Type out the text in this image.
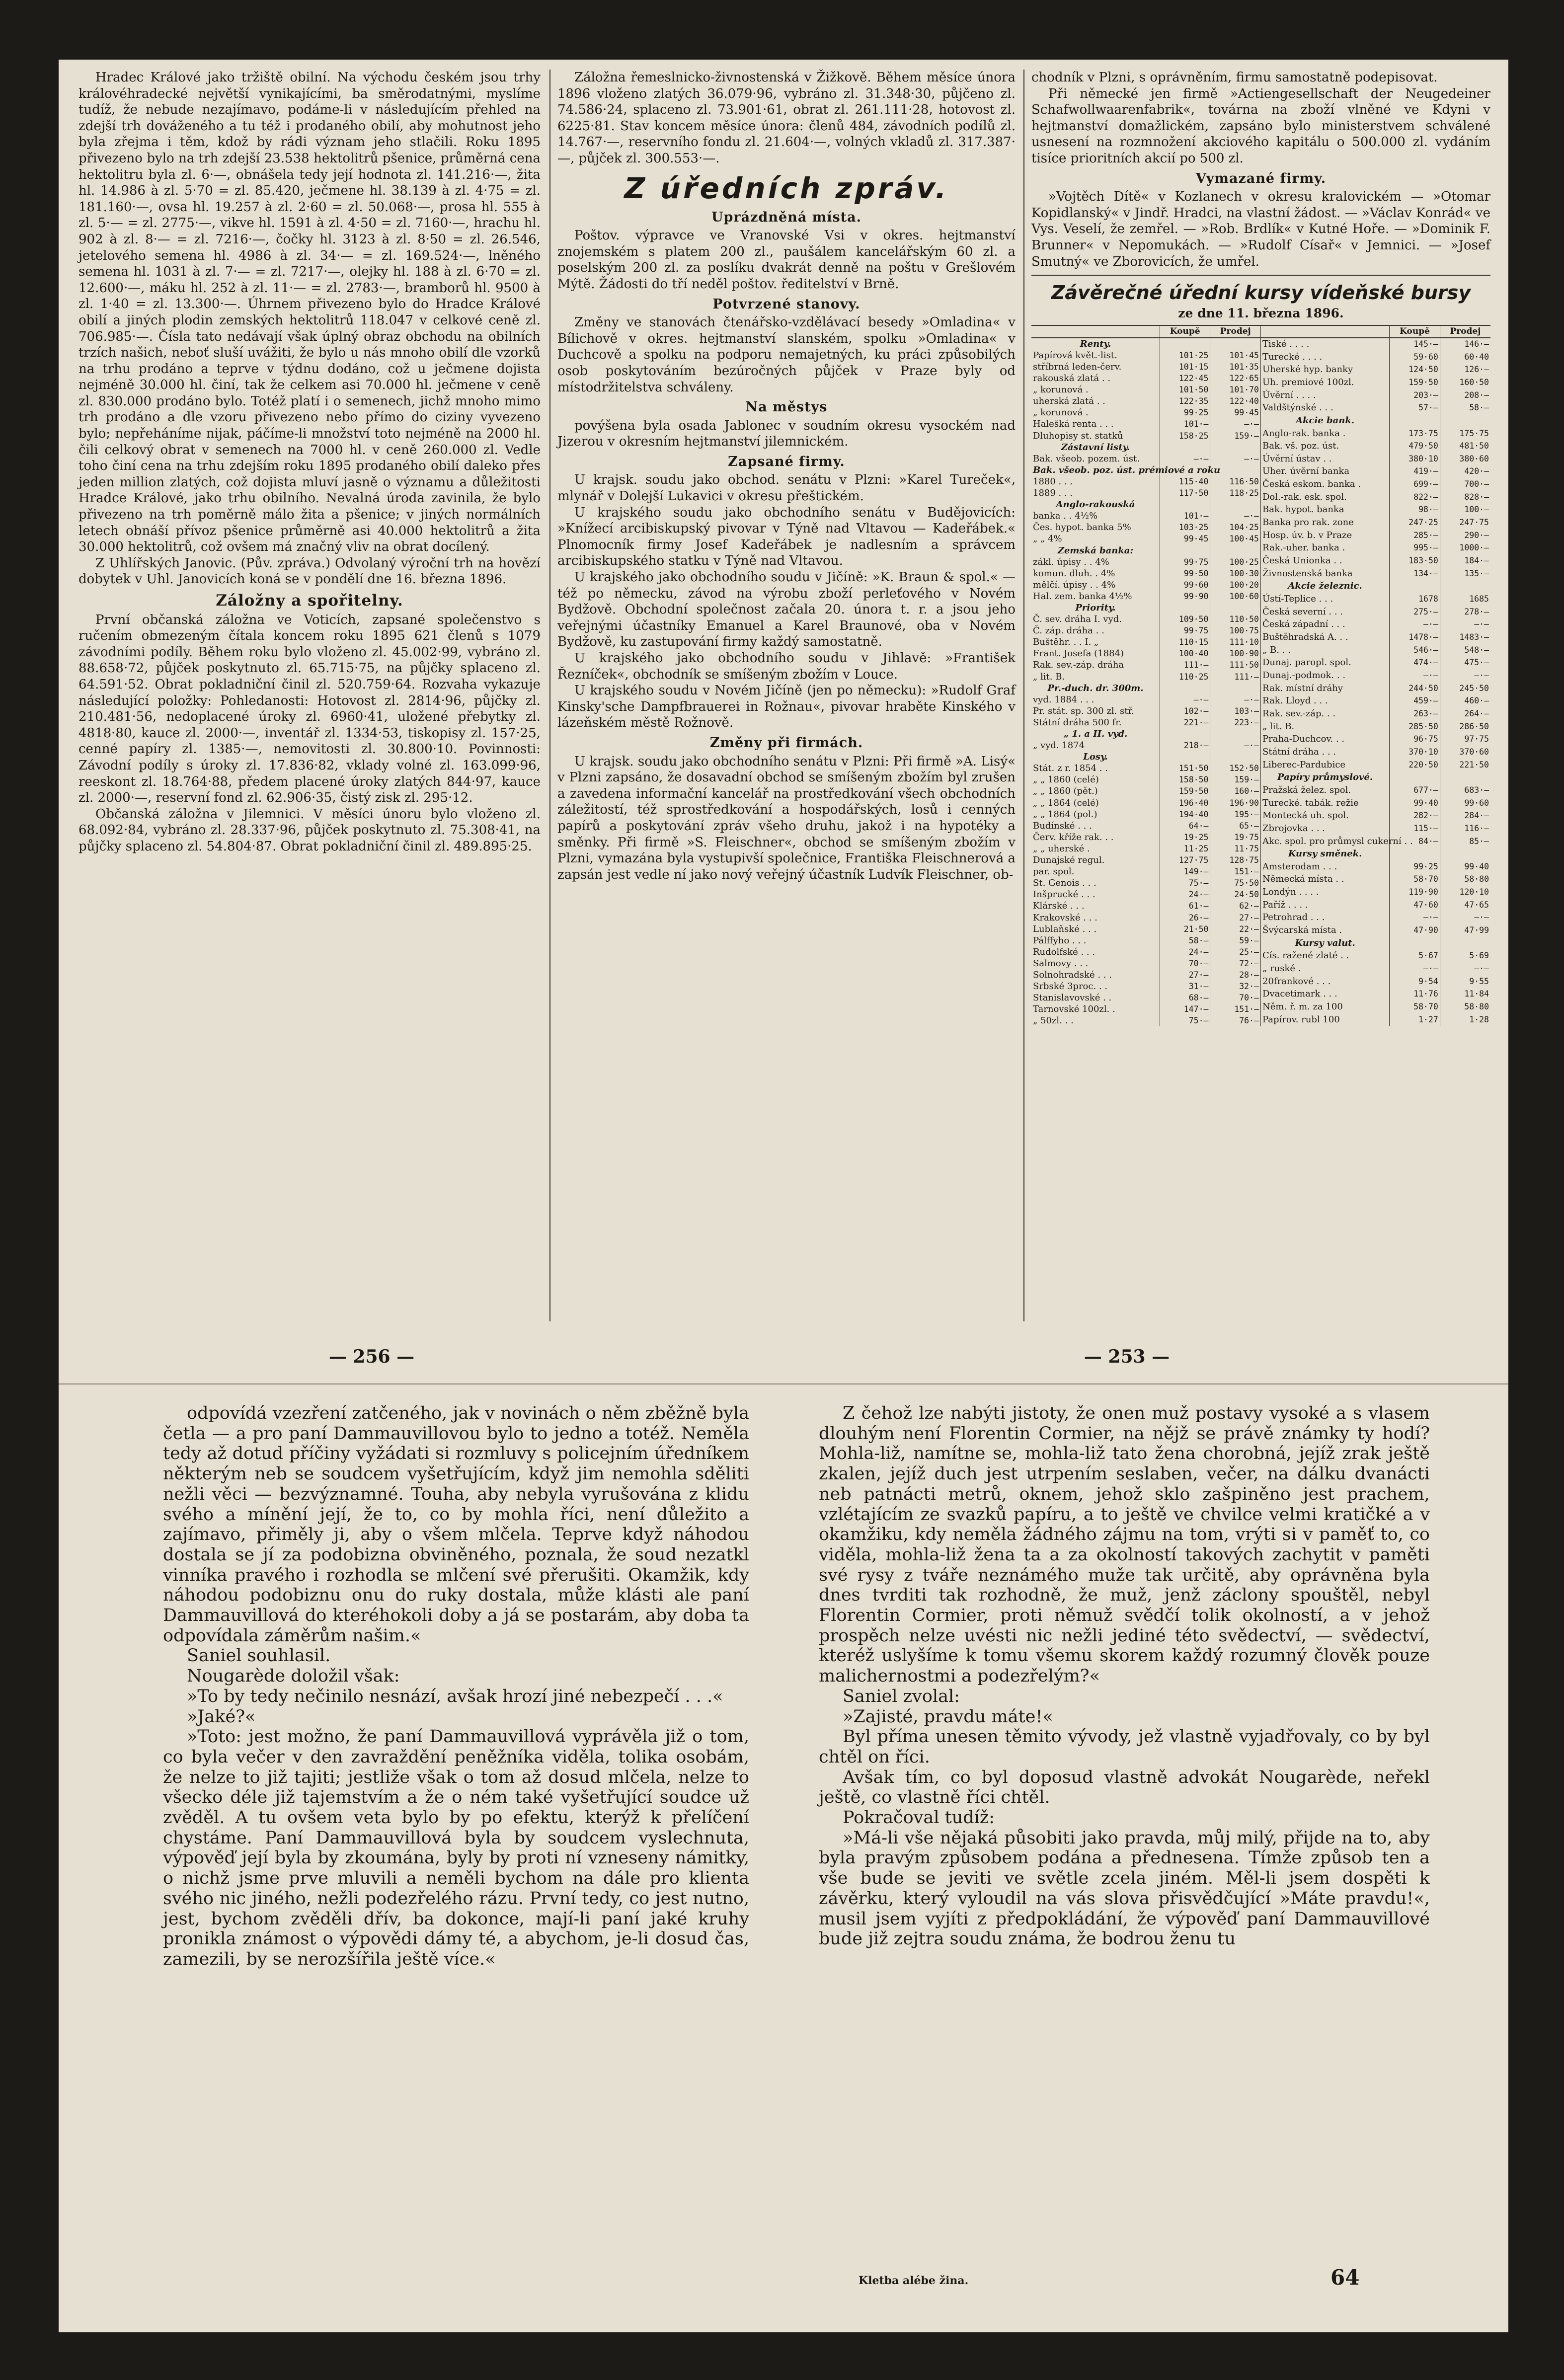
Hradec Králové jako tržiště obilní. Na východu českém jsou trhy královéhradecké největší vynikajícími, ba směrodatnými, myslíme tudíž, že nebude nezajímavo, podáme-li v následujícím přehled na zdejší trh dováženého a tu též i prodaného obilí, aby mohutnost jeho byla zřejma i těm, kdož by rádi význam jeho stlačili. Roku 1895 přivezeno bylo na trh zdejší 23.538 hektolitrů pšenice, průměrná cena hektolitru byla zl. 6·—, obnášela tedy její hodnota zl. 141.216·—, žita hl. 14.986 à zl. 5·70 = zl. 85.420, ječmene hl. 38.139 à zl. 4·75 = zl. 181.160·—, ovsa hl. 19.257 à zl. 2·60 = zl. 50.068·—, prosa hl. 555 à zl. 5·— = zl. 2775·—, vikve hl. 1591 à zl. 4·50 = zl. 7160·—, hrachu hl. 902 à zl. 8·— = zl. 7216·—, čočky hl. 3123 à zl. 8·50 = zl. 26.546, jetelového semena hl. 4986 à zl. 34·— = zl. 169.524·—, lněného semena hl. 1031 à zl. 7·— = zl. 7217·—, olejky hl. 188 à zl. 6·70 = zl. 12.600·—, máku hl. 252 à zl. 11·— = zl. 2783·—, bramborů hl. 9500 à zl. 1·40 = zl. 13.300·—. Úhrnem přivezeno bylo do Hradce Králové obilí a jiných plodin zemských hektolitrů 118.047 v celkové ceně zl. 706.985·—. Čísla tato nedávají však úplný obraz obchodu na obilních trzích našich, neboť sluší uvážiti, že bylo u nás mnoho obilí dle vzorků na trhu prodáno a teprve v týdnu dodáno, což u ječmene dojista nejméně 30.000 hl. činí, tak že celkem asi 70.000 hl. ječmene v ceně zl. 830.000 prodáno bylo. Totéž platí i o semenech, jichž mnoho mimo trh prodáno a dle vzoru přivezeno nebo přímo do ciziny vyvezeno bylo; nepřeháníme nijak, páčíme-li množství toto nejméně na 2000 hl. čili celkový obrat v semenech na 7000 hl. v ceně 260.000 zl. Vedle toho činí cena na trhu zdejším roku 1895 prodaného obilí daleko přes jeden million zlatých, což dojista mluví jasně o významu a důležitosti Hradce Králové, jako trhu obilního. Nevalná úroda zavinila, že bylo přivezeno na trh poměrně málo žita a pšenice; v jiných normálních letech obnáší přívoz pšenice průměrně asi 40.000 hektolitrů a žita 30.000 hektolitrů, což ovšem má značný vliv na obrat docílený.

Z Uhlířských Janovic. (Pův. zpráva.) Odvolaný výroční trh na hovězí dobytek v Uhl. Janovicích koná se v pondělí dne 16. března 1896.

Záložny a spořitelny.

První občanská záložna ve Voticích, zapsané společenstvo s ručením obmezeným čítala koncem roku 1895 621 členů s 1079 závodními podíly. Během roku bylo vloženo zl. 45.002·99, vybráno zl. 88.658·72, půjček poskytnuto zl. 65.715·75, na půjčky splaceno zl. 64.591·52. Obrat pokladniční činil zl. 520.759·64. Rozvaha vykazuje následující položky: Pohledanosti: Hotovost zl. 2814·96, půjčky zl. 210.481·56, nedoplacené úroky zl. 6960·41, uložené přebytky zl. 4818·80, kauce zl. 2000·—, inventář zl. 1334·53, tiskopisy zl. 157·25, cenné papíry zl. 1385·—, nemovitosti zl. 30.800·10. Povinnosti: Závodní podíly s úroky zl. 17.836·82, vklady volné zl. 163.099·96, reeskont zl. 18.764·88, předem placené úroky zlatých 844·97, kauce zl. 2000·—, reservní fond zl. 62.906·35, čistý zisk zl. 295·12.

Občanská záložna v Jilemnici. V měsíci únoru bylo vloženo zl. 68.092·84, vybráno zl. 28.337·96, půjček poskytnuto zl. 75.308·41, na půjčky splaceno zl. 54.804·87. Obrat pokladniční činil zl. 489.895·25.

Záložna řemeslnicko-živnostenská v Žižkově. Během měsíce února 1896 vloženo zlatých 36.079·96, vybráno zl. 31.348·30, půjčeno zl. 74.586·24, splaceno zl. 73.901·61, obrat zl. 261.111·28, hotovost zl. 6225·81. Stav koncem měsíce února: členů 484, závodních podílů zl. 14.767·—, reservního fondu zl. 21.604·—, volných vkladů zl. 317.387·—, půjček zl. 300.553·—.

Z úředních zpráv.
Uprázdněná místa.

Poštov. výpravce ve Vranovské Vsi v okres. hejtmanství znojemském s platem 200 zl., paušálem kancelářským 60 zl. a poselským 200 zl. za poslíku dvakrát denně na poštu v Grešlovém Mýtě. Žádosti do tří neděl poštov. ředitelství v Brně.

Potvrzené stanovy.

Změny ve stanovách čtenářsko-vzdělávací besedy »Omladina« v Bílichově v okres. hejtmanství slanském, spolku »Omladina« v Duchcově a spolku na podporu nemajetných, ku práci způsobilých osob poskytováním bezúročných půjček v Praze byly od místodržitelstva schváleny.

Na městys

povýšena byla osada Jablonec v soudním okresu vysockém nad Jizerou v okresním hejtmanství jilemnickém.

Zapsané firmy.

U krajsk. soudu jako obchod. senátu v Plzni: »Karel Tureček«, mlynář v Dolejší Lukavici v okresu přeštickém.

U krajského soudu jako obchodního senátu v Budějovicích: »Knížecí arcibiskupský pivovar v Týně nad Vltavou — Kadeřábek.« Plnomocník firmy Josef Kadeřábek je nadlesním a správcem arcibiskupského statku v Týně nad Vltavou.

U krajského jako obchodního soudu v Jičíně: »K. Braun & spol.« — též po německu, závod na výrobu zboží perleťového v Novém Bydžově. Obchodní společnost začala 20. února t. r. a jsou jeho veřejnými účastníky Emanuel a Karel Braunové, oba v Novém Bydžově, ku zastupování firmy každý samostatně.

U krajského jako obchodního soudu v Jihlavě: »František Řezníček«, obchodník se smíšeným zbožím v Louce.

U krajského soudu v Novém Jičíně (jen po německu): »Rudolf Graf Kinsky'sche Dampfbrauerei in Rožnau«, pivovar hraběte Kinského v lázeňském městě Rožnově.

Změny při firmách.

U krajsk. soudu jako obchodního senátu v Plzni: Při firmě »A. Lisý« v Plzni zapsáno, že dosavadní obchod se smíšeným zbožím byl zrušen a zavedena informační kancelář na prostředkování všech obchodních záležitostí, též sprostředkování a hospodářských, losů i cenných papírů a poskytování zpráv všeho druhu, jakož i na hypotéky a směnky. Při firmě »S. Fleischner«, obchod se smíšeným zbožím v Plzni, vymazána byla vystupivší společnice, Františka Fleischnerová a zapsán jest vedle ní jako nový veřejný účastník Ludvík Fleischner, ob-

chodník v Plzni, s oprávněním, firmu samostatně podepisovat.

Při německé jen firmě »Actiengesellschaft der Neugedeiner Schafwollwaarenfabrik«, továrna na zboží vlněné ve Kdyni v hejtmanství domažlickém, zapsáno bylo ministerstvem schválené usnesení na rozmnožení akciového kapitálu o 500.000 zl. vydáním tisíce prioritních akcií po 500 zl.

Vymazané firmy.

»Vojtěch Dítě« v Kozlanech v okresu kralovickém — »Otomar Kopidlanský« v Jindř. Hradci, na vlastní žádost. — »Václav Konrád« ve Vys. Veselí, že zemřel. — »Rob. Brdlík« v Kutné Hoře. — »Dominik F. Brunner« v Nepomukách. — »Rudolf Císař« v Jemnici. — »Josef Smutný« ve Zborovicích, že umřel.

Závěrečné úřední kursy vídeňské bursy
ze dne 11. března 1896.
	Koupě	Prodej
Renty.		
Papírová květ.-list.	101·25	101·45
stříbrná leden-červ.	101·15	101·35
rakouská zlatá . .	122·45	122·65
„ korunová .	101·50	101·70
uherská zlatá . .	122·35	122·40
„ korunová .	99·25	99·45
Halešká renta . . .	101·—	—·—
Dluhopisy st. statků	158·25	159·—
Zástavní listy.		
Bak. všeob. pozem. úst.	—·—	—·—
Bak. všeob. poz. úst. prémiové a roku		
1880 . . .	115·40	116·50
1889 . . .	117·50	118·25
Anglo-rakouská		
banka . . 4½%	101·—	—·—
Čes. hypot. banka 5%	103·25	104·25
„ „ 4%	99·45	100·45
Zemská banka:		
zákl. úpisy . . 4%	99·75	100·25
komun. dluh. . 4%	99·50	100·30
mělčí. úpisy . . 4%	99·60	100·20
Hal. zem. banka 4½%	99·90	100·60
Priority.		
Č. sev. dráha I. vyd.	109·50	110·50
Č. záp. dráha . .	99·75	100·75
Buštěhr. . . I. „	110·15	111·10
Frant. Josefa (1884)	100·40	100·90
Rak. sev.-záp. dráha	111·—	111·50
„ lit. B.	110·25	111·—
Pr.-duch. dr. 300m.		
vyd. 1884 . . .	—·—	—·—
Pr. stát. sp. 300 zl. stř.	102·—	103·—
Státní dráha 500 fr.	221·—	223·—
„ 1. a II. vyd.		
„ vyd. 1874	218·—	—·—
Losy.		
Stát. z r. 1854 . .	151·50	152·50
„ „ 1860 (celé)	158·50	159·—
„ „ 1860 (pět.)	159·50	160·—
„ „ 1864 (celé)	196·40	196·90
„ „ 1864 (pol.)	194·40	195·—
Budínské . . .	64·—	65·—
Červ. kříže rak. . .	19·25	19·75
„ „ uherské .	11·25	11·75
Dunajské regul.	127·75	128·75
par. spol.	149·—	151·—
St. Genois . . .	75·—	75·50
Inšprucké . . .	24·—	24·50
Klárské . . .	61·—	62·—
Krakovské . . .	26·—	27·—
Lublaňské . . .	21·50	22·—
Pálffyho . . .	58·—	59·—
Rudolfské . . .	24·—	25·—
Salmovy . . .	70·—	72·—
Solnohradské . . .	27·—	28·—
Srbské 3proc. . .	31·—	32·—
Stanislavovské . .	68·—	70·—
Tarnovské 100zl. .	147·—	151·—
„ 50zl. . .	75·—	76·—
	Koupě	Prodej
Tiské . . . .	145·—	146·—
Turecké . . . .	59·60	60·40
Uherské hyp. banky	124·50	126·—
Uh. premiové 100zl.	159·50	160·50
Úvěrní . . . .	203·—	208·—
Valdštýnské . . .	57·—	58·—
Akcie bank.		
Anglo-rak. banka .	173·75	175·75
Bak. vš. poz. úst.	479·50	481·50
Úvěrní ústav . .	380·10	380·60
Uher. úvěrní banka	419·—	420·—
Česká eskom. banka .	699·—	700·—
Dol.-rak. esk. spol.	822·—	828·—
Bak. hypot. banka	98·—	100·—
Banka pro rak. zone	247·25	247·75
Hosp. úv. b. v Praze	285·—	290·—
Rak.-uher. banka .	995·—	1000·—
Česká Unionka . .	183·50	184·—
Živnostenská banka	134·—	135·—
Akcie železnic.		
Ústí-Teplice . . .	1678	1685
Česká severní . . .	275·—	278·—
Česká západní . . .	—·—	—·—
Buštěhradská A. . .	1478·—	1483·—
„ B. . .	546·—	548·—
Dunaj. paropl. spol.	474·—	475·—
Dunaj.-podmok. . .	—·—	—·—
Rak. místní dráhy	244·50	245·50
Rak. Lloyd . . .	459·—	460·—
Rak. sev.-záp. . .	263·—	264·—
„ lit. B.	285·50	286·50
Praha-Duchcov. . .	96·75	97·75
Státní dráha . . .	370·10	370·60
Liberec-Pardubice	220·50	221·50
Papíry průmyslové.		
Pražská želez. spol.	677·—	683·—
Turecké. tabák. režie	99·40	99·60
Montecká uh. spol.	282·—	284·—
Zbrojovka . . .	115·—	116·—
Akc. spol. pro průmysl cukerní . .	84·—	85·—
Kursy směnek.		
Amsterodam . . .	99·25	99·40
Německá místa . .	58·70	58·80
Londýn . . . .	119·90	120·10
Paříž . . . .	47·60	47·65
Petrohrad . . .	—·—	—·—
Švýcarská místa .	47·90	47·99
Kursy valut.		
Cís. ražené zlaté . .	5·67	5·69
„ ruské .	—·—	—·—
20frankové . . .	9·54	9·55
Dvacetimark . . .	11·76	11·84
Něm. ř. m. za 100	58·70	58·80
Papírov. rubl 100	1·27	1·28
— 256 —	— 253 —

odpovídá vzezření zatčeného, jak v novinách o něm zběžně byla četla — a pro paní Dammauvillovou bylo to jedno a totéž. Neměla tedy až dotud příčiny vyžádati si rozmluvy s policejním úředníkem některým neb se soudcem vyšetřujícím, když jim nemohla sděliti nežli věci — bezvýznamné. Touha, aby nebyla vyrušována z klidu svého a mínění její, že to, co by mohla říci, není důležito a zajímavo, přiměly ji, aby o všem mlčela. Teprve když náhodou dostala se jí za podobizna obviněného, poznala, že soud nezatkl vinníka pravého i rozhodla se mlčení své přerušiti. Okamžik, kdy náhodou podobiznu onu do ruky dostala, může klásti ale paní Dammauvillová do kteréhokoli doby a já se postarám, aby doba ta odpovídala záměrům našim.«

Saniel souhlasil.

Nougarède doložil však:

»To by tedy nečinilo nesnází, avšak hrozí jiné nebezpečí . . .«

»Jaké?«

»Toto: jest možno, že paní Dammauvillová vyprávěla již o tom, co byla večer v den zavraždění peněžníka viděla, tolika osobám, že nelze to již tajiti; jestliže však o tom až dosud mlčela, nelze to všecko déle již tajemstvím a že o ném také vyšetřující soudce už zvěděl. A tu ovšem veta bylo by po efektu, kterýž k přelíčení chystáme. Paní Dammauvillová byla by soudcem vyslechnuta, výpověď její byla by zkoumána, byly by proti ní vzneseny námitky, o nichž jsme prve mluvili a neměli bychom na dále pro klienta svého nic jiného, nežli podezřelého rázu. První tedy, co jest nutno, jest, bychom zvěděli dřív, ba dokonce, mají-li paní jaké kruhy pronikla známost o výpovědi dámy té, a abychom, je-li dosud čas, zamezili, by se nerozšířila ještě více.«

Z čehož lze nabýti jistoty, že onen muž postavy vysoké a s vlasem dlouhým není Florentin Cormier, na nějž se právě známky ty hodí? Mohla-liž, namítne se, mohla-liž tato žena chorobná, jejíž zrak ještě zkalen, jejíž duch jest utrpením seslaben, večer, na dálku dvanácti neb patnácti metrů, oknem, jehož sklo zašpiněno jest prachem, vzlétajícím ze svazků papíru, a to ještě ve chvilce velmi kratičké a v okamžiku, kdy neměla žádného zájmu na tom, vrýti si v paměť to, co viděla, mohla-liž žena ta a za okolností takových zachytit v paměti své rysy z tváře neznámého muže tak určitě, aby oprávněna byla dnes tvrditi tak rozhodně, že muž, jenž záclony spouštěl, nebyl Florentin Cormier, proti němuž svědčí tolik okolností, a v jehož prospěch nelze uvésti nic nežli jediné této svědectví, — svědectví, kteréž uslyšíme k tomu všemu skorem každý rozumný člověk pouze malichernostmi a podezřelým?«

Saniel zvolal:

»Zajisté, pravdu máte!«

Byl příma unesen těmito vývody, jež vlastně vyjadřovaly, co by byl chtěl on říci.

Avšak tím, co byl doposud vlastně advokát Nougarède, neřekl ještě, co vlastně říci chtěl.

Pokračoval tudíž:

»Má-li vše nějaká působiti jako pravda, můj milý, přijde na to, aby byla pravým způsobem podána a přednesena. Tímže způsob ten a vše bude se jeviti ve světle zcela jiném. Měl-li jsem dospěti k závěrku, který vyloudil na vás slova přisvědčující »Máte pravdu!«, musil jsem vyjíti z předpokládání, že výpověď paní Dammauvillové bude již zejtra soudu známa, že bodrou ženu tu

Kletba alébe žina.	64
